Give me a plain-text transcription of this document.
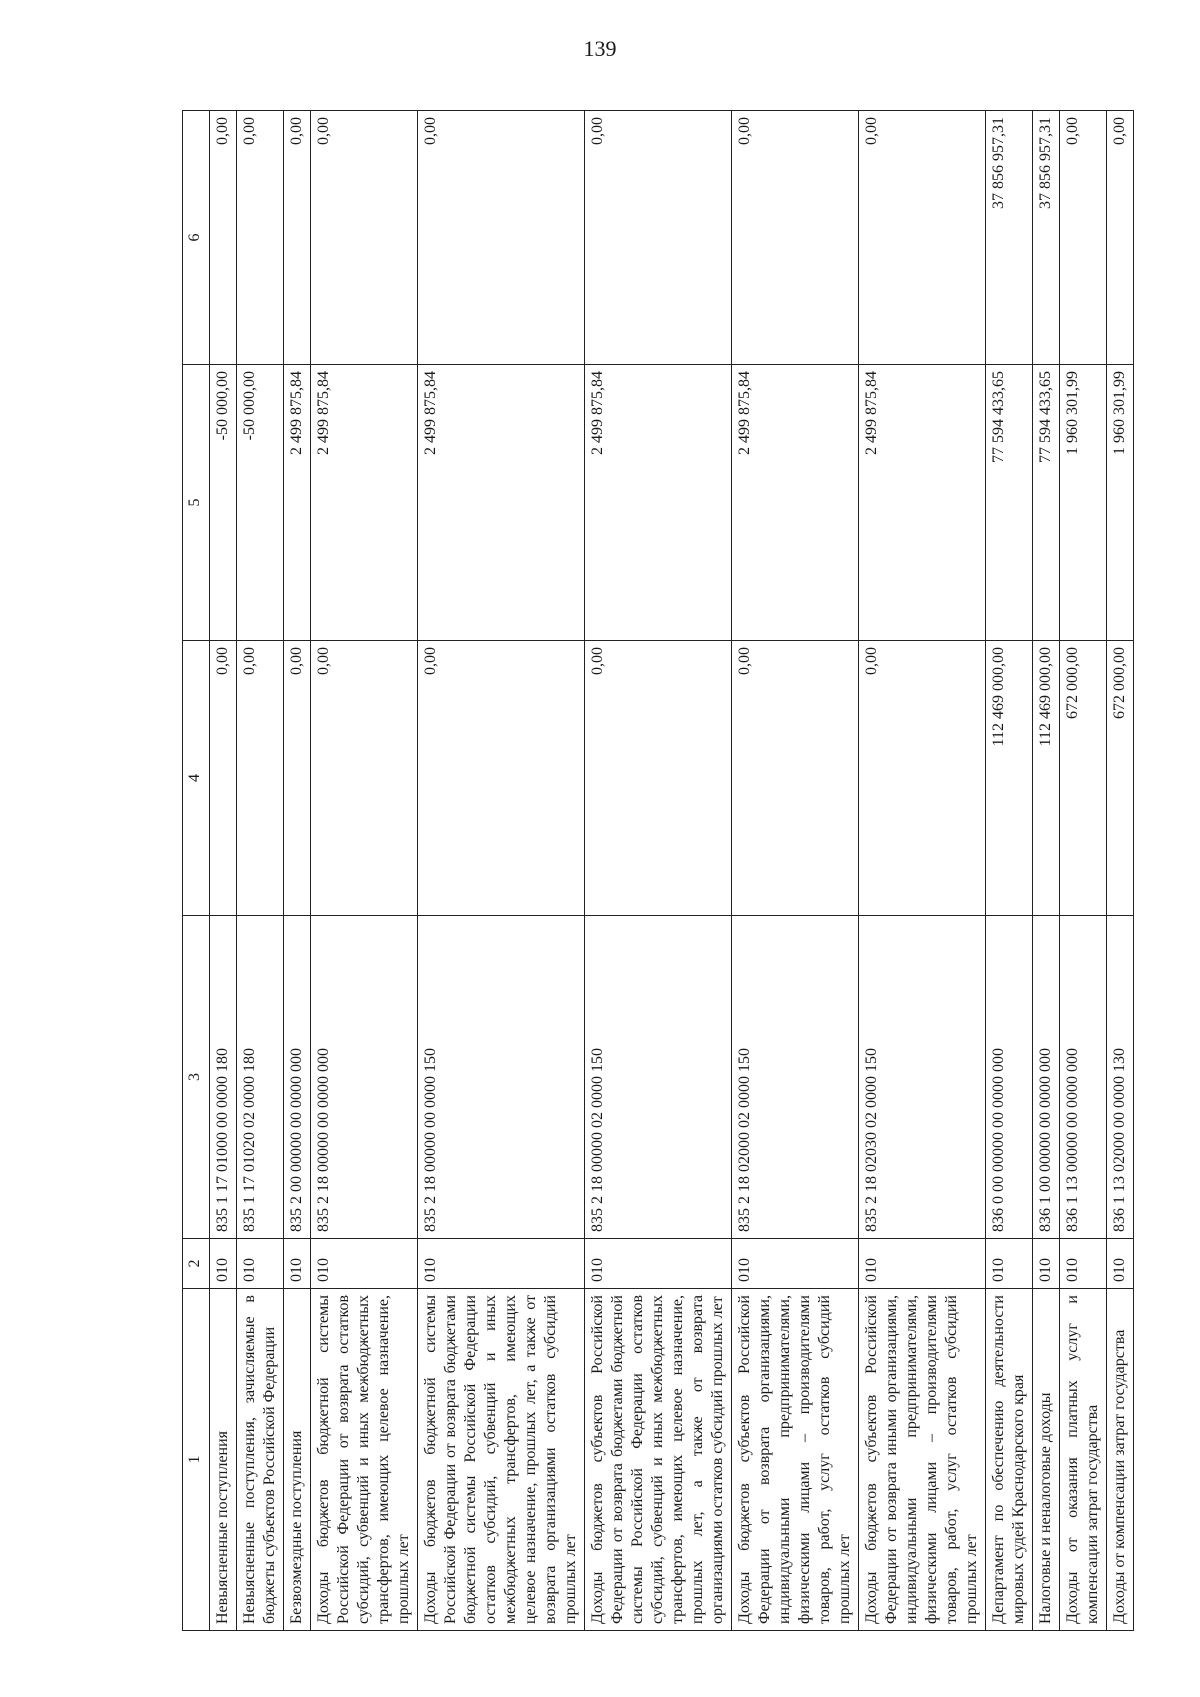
139
1	2	3	4	5	6
Невыясненные поступления	010	835 1 17 01000 00 0000 180	0,00	-50 000,00	0,00
Невыясненные поступления, зачисляемые в бюджеты субъектов Российской Федерации	010	835 1 17 01020 02 0000 180	0,00	-50 000,00	0,00
Безвозмездные поступления	010	835 2 00 00000 00 0000 000	0,00	2 499 875,84	0,00
Доходы бюджетов бюджетной системы Российской Федерации от возврата остатков субсидий, субвенций и иных межбюджетных трансфертов, имеющих целевое назначение, прошлых лет	010	835 2 18 00000 00 0000 000	0,00	2 499 875,84	0,00
Доходы бюджетов бюджетной системы Российской Федерации от возврата бюджетами бюджетной системы Российской Федерации остатков субсидий, субвенций и иных межбюджетных трансфертов, имеющих целевое назначение, прошлых лет, а также от возврата организациями остатков субсидий прошлых лет	010	835 2 18 00000 00 0000 150	0,00	2 499 875,84	0,00
Доходы бюджетов субъектов Российской Федерации от возврата бюджетами бюджетной системы Российской Федерации остатков субсидий, субвенций и иных межбюджетных трансфертов, имеющих целевое назначение, прошлых лет, а также от возврата организациями остатков субсидий прошлых лет	010	835 2 18 00000 02 0000 150	0,00	2 499 875,84	0,00
Доходы бюджетов субъектов Российской Федерации от возврата организациями, индивидуальными предпринимателями, физическими лицами – производителями товаров, работ, услуг остатков субсидий прошлых лет	010	835 2 18 02000 02 0000 150	0,00	2 499 875,84	0,00
Доходы бюджетов субъектов Российской Федерации от возврата иными организациями, индивидуальными предпринимателями, физическими лицами – производителями товаров, работ, услуг остатков субсидий прошлых лет	010	835 2 18 02030 02 0000 150	0,00	2 499 875,84	0,00
Департамент по обеспечению деятельности мировых судей Краснодарского края	010	836 0 00 00000 00 0000 000	112 469 000,00	77 594 433,65	37 856 957,31
Налоговые и неналоговые доходы	010	836 1 00 00000 00 0000 000	112 469 000,00	77 594 433,65	37 856 957,31
Доходы от оказания платных услуг и компенсации затрат государства	010	836 1 13 00000 00 0000 000	672 000,00	1 960 301,99	0,00
Доходы от компенсации затрат государства	010	836 1 13 02000 00 0000 130	672 000,00	1 960 301,99	0,00
